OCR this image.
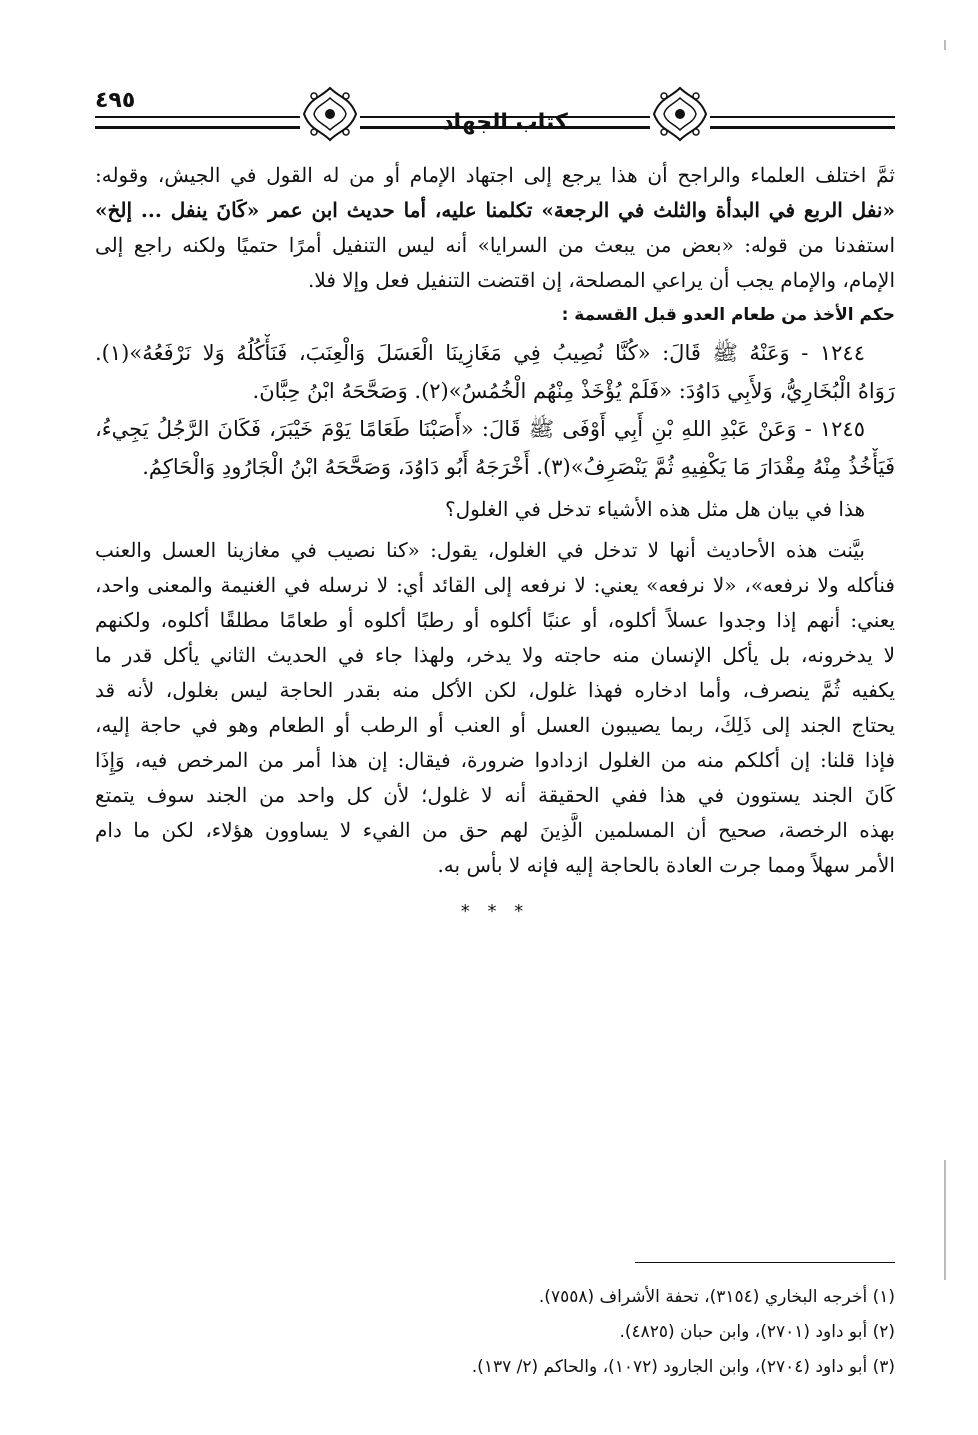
٤٩٥
كتاب الجهاد
ثمَّ اختلف العلماء والراجح أن هذا يرجع إلى اجتهاد الإمام أو من له القول في الجيش، وقوله:
«نفل الربع في البدأة والثلث في الرجعة» تكلمنا عليه، أما حديث ابن عمر «كَانَ ينفل ... إلخ»
استفدنا من قوله: «بعض من يبعث من السرايا» أنه ليس التنفيل أمرًا حتميًا ولكنه راجع إلى
الإمام، والإمام يجب أن يراعي المصلحة، إن اقتضت التنفيل فعل وإلا فلا.
حكم الأخذ من طعام العدو قبل القسمة :
١٢٤٤ - وَعَنْهُ ﷺ قَالَ: «كُنَّا نُصِيبُ فِي مَغَازِينَا الْعَسَلَ وَالْعِنَبَ، فَنَأْكُلُهُ وَلا نَرْفَعُهُ»(١).
رَوَاهُ الْبُخَارِيُّ، وَلأَبِي دَاوُدَ: «فَلَمْ يُؤْخَذْ مِنْهُم الْخُمُسُ»(٢). وَصَحَّحَهُ ابْنُ حِبَّانَ.
١٢٤٥ - وَعَنْ عَبْدِ اللهِ بْنِ أَبِي أَوْفَى ﷺ قَالَ: «أَصَبْنَا طَعَامًا يَوْمَ خَيْبَرَ، فَكَانَ الرَّجُلُ يَجِيءُ،
فَيَأْخُذُ مِنْهُ مِقْدَارَ مَا يَكْفِيهِ ثُمَّ يَنْصَرِفُ»(٣). أَخْرَجَهُ أَبُو دَاوُدَ، وَصَحَّحَهُ ابْنُ الْجَارُودِ وَالْحَاكِمُ.
هذا في بيان هل مثل هذه الأشياء تدخل في الغلول؟
بيَّنت هذه الأحاديث أنها لا تدخل في الغلول، يقول: «كنا نصيب في مغازينا العسل والعنب
فنأكله ولا نرفعه»، «لا نرفعه» يعني: لا نرفعه إلى القائد أي: لا نرسله في الغنيمة والمعنى واحد،
يعني: أنهم إذا وجدوا عسلاً أكلوه، أو عنبًا أكلوه أو رطبًا أكلوه أو طعامًا مطلقًا أكلوه، ولكنهم
لا يدخرونه، بل يأكل الإنسان منه حاجته ولا يدخر، ولهذا جاء في الحديث الثاني يأكل قدر ما
يكفيه ثُمَّ ينصرف، وأما ادخاره فهذا غلول، لكن الأكل منه بقدر الحاجة ليس بغلول، لأنه قد
يحتاج الجند إلى ذَلِكَ، ربما يصيبون العسل أو العنب أو الرطب أو الطعام وهو في حاجة إليه،
فإذا قلنا: إن أكلكم منه من الغلول ازدادوا ضرورة، فيقال: إن هذا أمر من المرخص فيه، وَإِذَا
كَانَ الجند يستوون في هذا ففي الحقيقة أنه لا غلول؛ لأن كل واحد من الجند سوف يتمتع
بهذه الرخصة، صحيح أن المسلمين الَّذِينَ لهم حق من الفيء لا يساوون هؤلاء، لكن ما دام
الأمر سهلاً ومما جرت العادة بالحاجة إليه فإنه لا بأس به.
* * *
(١) أخرجه البخاري (٣١٥٤)، تحفة الأشراف (٧٥٥٨).
(٢) أبو داود (٢٧٠١)، وابن حبان (٤٨٢٥).
(٣) أبو داود (٢٧٠٤)، وابن الجارود (١٠٧٢)، والحاكم (٢/ ١٣٧).
